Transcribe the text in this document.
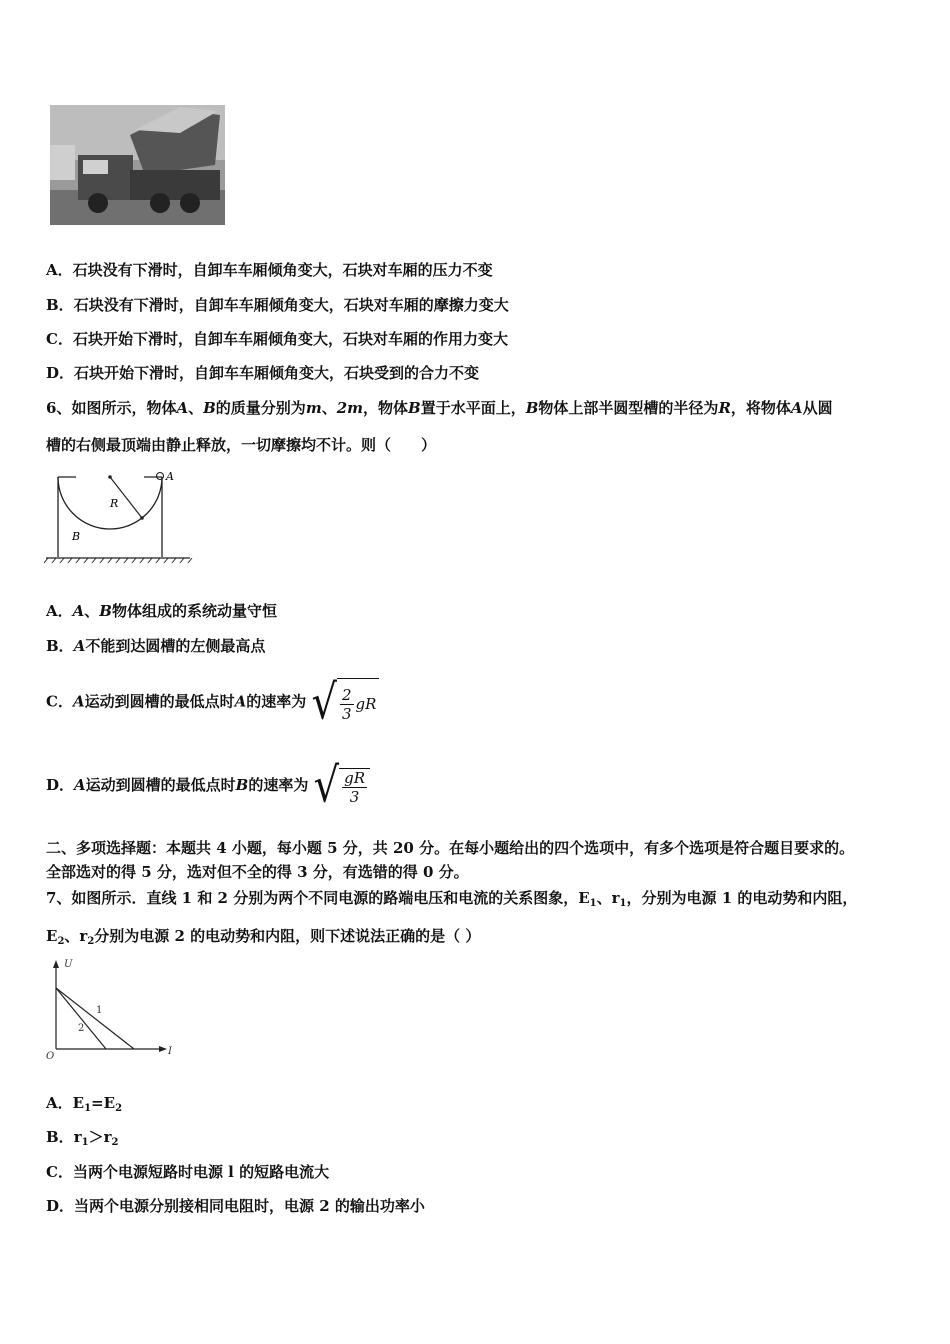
A．石块没有下滑时，自卸车车厢倾角变大，石块对车厢的压力不变
B．石块没有下滑时，自卸车车厢倾角变大，石块对车厢的摩擦力变大
C．石块开始下滑时，自卸车车厢倾角变大，石块对车厢的作用力变大
D．石块开始下滑时，自卸车车厢倾角变大，石块受到的合力不变
6、如图所示，物体A、B的质量分别为m、2m，物体B置于水平面上，B物体上部半圆型槽的半径为R，将物体A从圆
槽的右侧最顶端由静止释放，一切摩擦均不计。则（　　）
A
R
B
A．A、B物体组成的系统动量守恒
B．A不能到达圆槽的左侧最高点
C．A运动到圆槽的最低点时A的速率为 √ $\frac{2}{3}$ gR
D．A运动到圆槽的最低点时B的速率为 √ $\frac{gR}{3}$
二、多项选择题：本题共 4 小题，每小题 5 分，共 20 分。在每小题给出的四个选项中，有多个选项是符合题目要求的。
全部选对的得 5 分，选对但不全的得 3 分，有选错的得 0 分。
7、如图所示．直线 1 和 2 分别为两个不同电源的路端电压和电流的关系图象，$E_1$、$r_1$，分别为电源 1 的电动势和内阻，
$E_2$、$r_2$分别为电源 2 的电动势和内阻，则下述说法正确的是（ ）
U
I
O
1
2
A．$E_1=E_2$
B．$r_1>r_2$
C．当两个电源短路时电源 l 的短路电流大
D．当两个电源分别接相同电阻时，电源 2 的输出功率小
